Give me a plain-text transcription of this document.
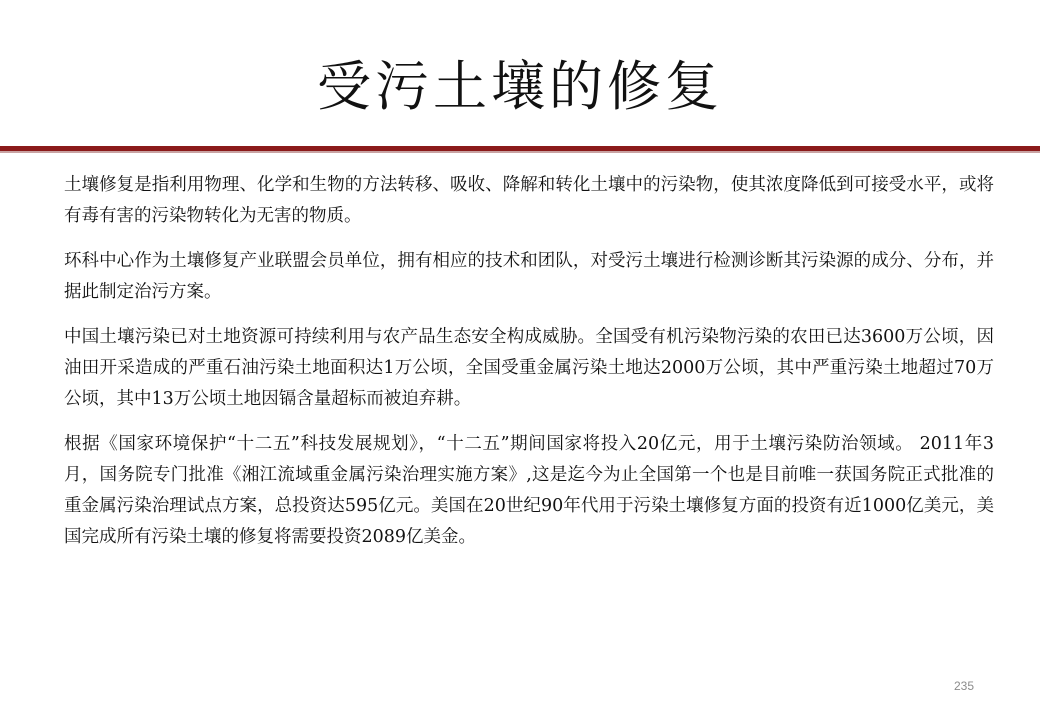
受污土壤的修复

土壤修复是指利用物理、化学和生物的方法转移、吸收、降解和转化土壤中的污染物，使其浓度降低到可接受水平，或将有毒有害的污染物转化为无害的物质。

环科中心作为土壤修复产业联盟会员单位，拥有相应的技术和团队，对受污土壤进行检测诊断其污染源的成分、分布，并据此制定治污方案。

中国土壤污染已对土地资源可持续利用与农产品生态安全构成威胁。全国受有机污染物污染的农田已达3600万公顷，因油田开采造成的严重石油污染土地面积达1万公顷，全国受重金属污染土地达2000万公顷，其中严重污染土地超过70万公顷，其中13万公顷土地因镉含量超标而被迫弃耕。

根据《国家环境保护“十二五”科技发展规划》，“十二五”期间国家将投入20亿元，用于土壤污染防治领域。 2011年3月，国务院专门批准《湘江流域重金属污染治理实施方案》,这是迄今为止全国第一个也是目前唯一获国务院正式批准的重金属污染治理试点方案，总投资达595亿元。美国在20世纪90年代用于污染土壤修复方面的投资有近1000亿美元，美国完成所有污染土壤的修复将需要投资2089亿美金。

235
